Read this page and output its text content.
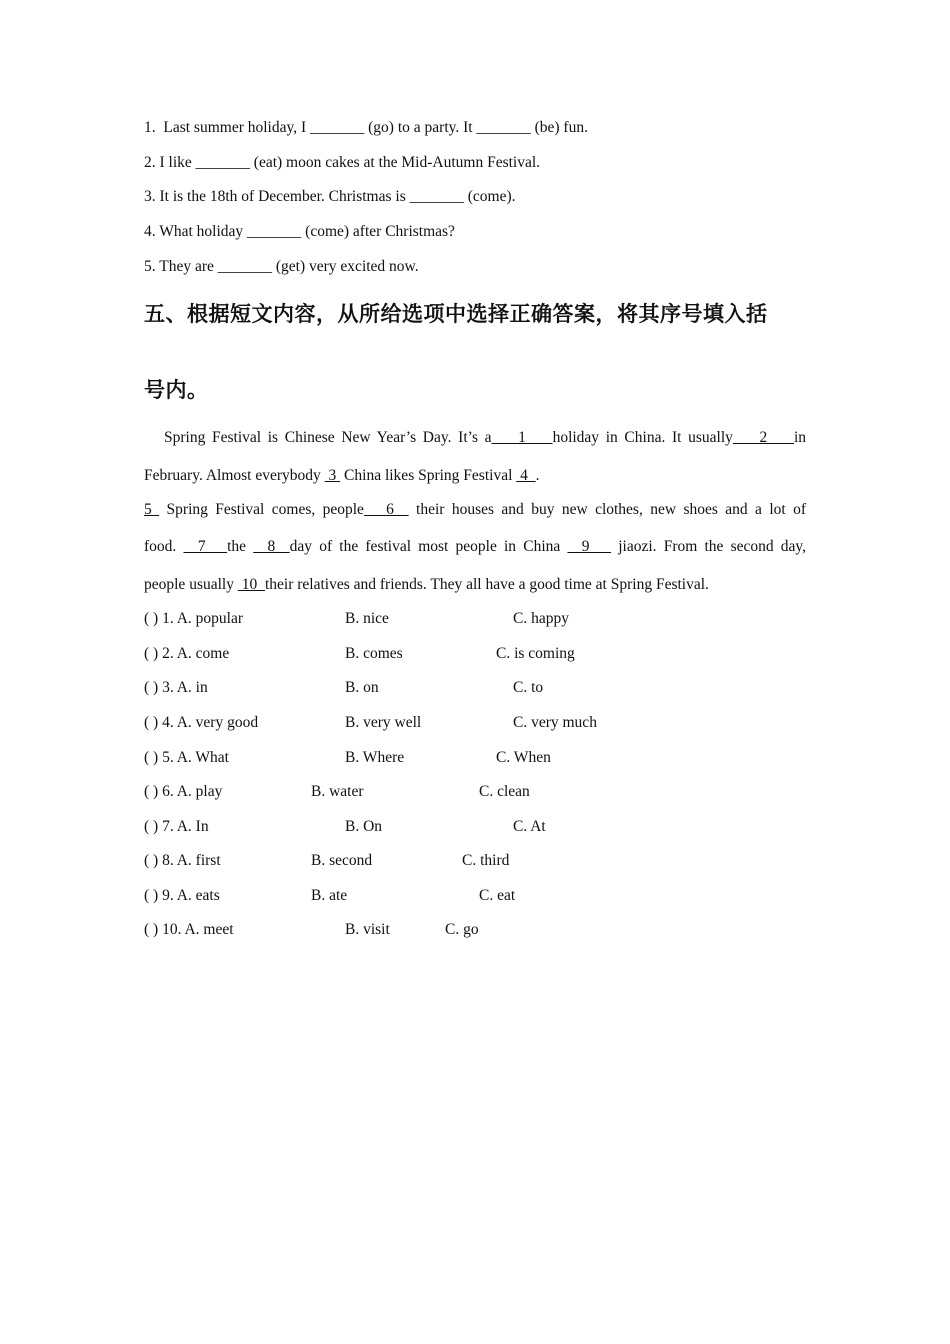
1. Last summer holiday, I _______ (go) to a party. It _______ (be) fun.
2. I like _______ (eat) moon cakes at the Mid-Autumn Festival.
3. It is the 18th of December. Christmas is _______ (come).
4. What holiday _______ (come) after Christmas?
5. They are _______ (get) very excited now.
五、根据短文内容，从所给选项中选择正确答案，将其序号填入括
号内。
Spring Festival is Chinese New Year’s Day. It’s a    1    holiday in China. It usually    2    in
February. Almost everybody  3  China likes Spring Festival  4  .
5  Spring Festival comes, people   6   their houses and buy new clothes, new shoes and a lot of
food.   7   the   8  day of the festival most people in China   9    jiaozi. From the second day,
people usually  10  their relatives and friends. They all have a good time at Spring Festival.
( ) 1. A. popular	B. nice	C. happy
( ) 2. A. come	B. comes	C. is coming
( ) 3. A. in	B. on	C. to
( ) 4. A. very good	B. very well	C. very much
( ) 5. A. What	B. Where	C. When
( ) 6. A. play	B. water	C. clean
( ) 7. A. In	B. On	C. At
( ) 8. A. first	B. second	C. third
( ) 9. A. eats	B. ate	C. eat
( ) 10. A. meet	B. visit	C. go
